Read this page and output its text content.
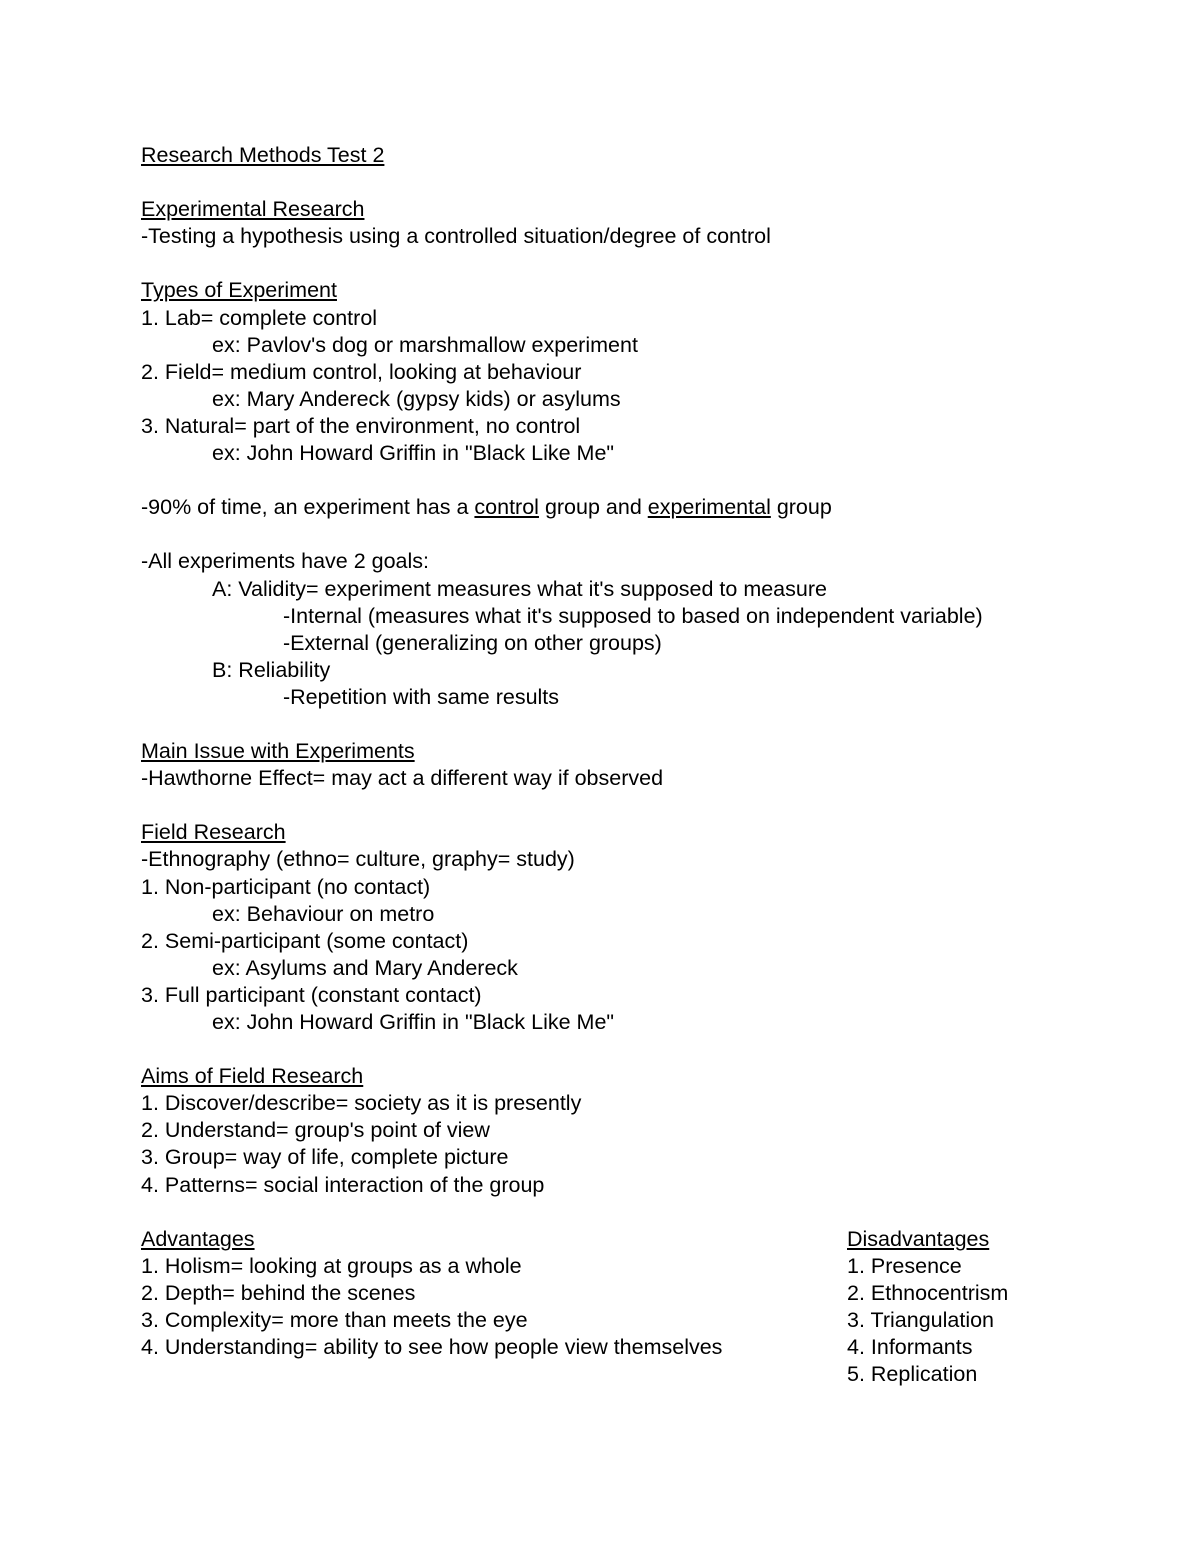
Research Methods Test 2
Experimental Research
-Testing a hypothesis using a controlled situation/degree of control
Types of Experiment
1. Lab= complete control
ex: Pavlov's dog or marshmallow experiment
2. Field= medium control, looking at behaviour
ex: Mary Andereck (gypsy kids) or asylums
3. Natural= part of the environment, no control
ex: John Howard Griffin in "Black Like Me"
-90% of time, an experiment has a control group and experimental group
-All experiments have 2 goals:
A: Validity= experiment measures what it's supposed to measure
-Internal (measures what it's supposed to based on independent variable)
-External (generalizing on other groups)
B: Reliability
-Repetition with same results
Main Issue with Experiments
-Hawthorne Effect= may act a different way if observed
Field Research
-Ethnography (ethno= culture, graphy= study)
1. Non-participant (no contact)
ex: Behaviour on metro
2. Semi-participant (some contact)
ex: Asylums and Mary Andereck
3. Full participant (constant contact)
ex: John Howard Griffin in "Black Like Me"
Aims of Field Research
1. Discover/describe= society as it is presently
2. Understand= group's point of view
3. Group= way of life, complete picture
4. Patterns= social interaction of the group
Advantages
1. Holism= looking at groups as a whole
2. Depth= behind the scenes
3. Complexity= more than meets the eye
4. Understanding= ability to see how people view themselves
Disadvantages
1. Presence
2. Ethnocentrism
3. Triangulation
4. Informants
5. Replication
